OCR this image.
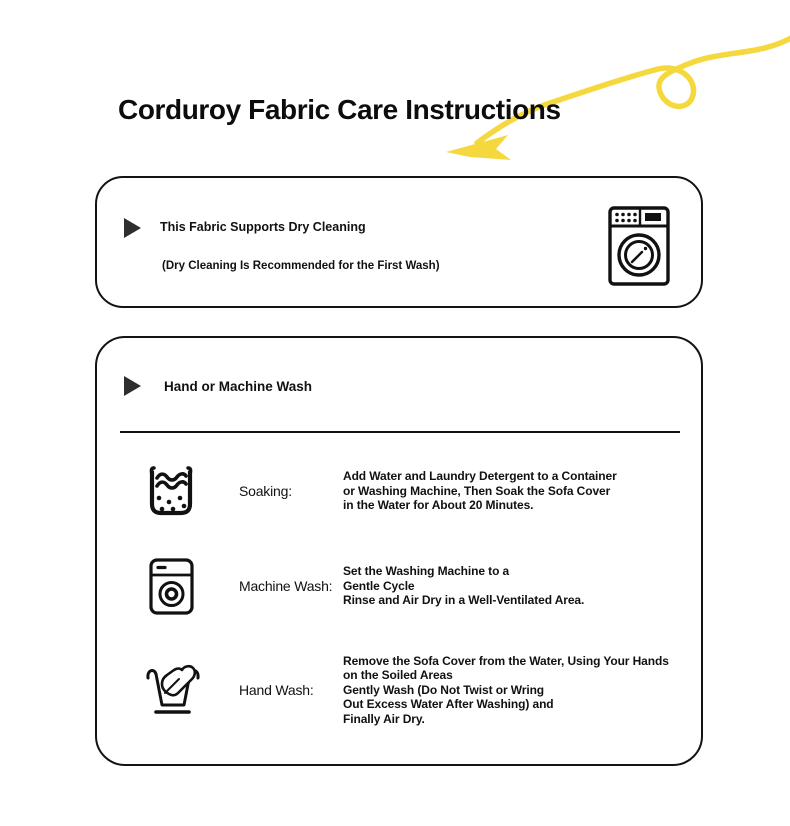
Corduroy Fabric Care Instructions
This Fabric Supports Dry Cleaning
(Dry Cleaning Is Recommended for the First Wash)
Hand or Machine Wash
Soaking:
Add Water and Laundry Detergent to a Container
or Washing Machine, Then Soak the Sofa Cover
in the Water for About 20 Minutes.
Machine Wash:
Set the Washing Machine to a
Gentle Cycle
Rinse and Air Dry in a Well-Ventilated Area.
Hand Wash:
Remove the Sofa Cover from the Water, Using Your Hands
on the Soiled Areas
Gently Wash (Do Not Twist or Wring
Out Excess Water After Washing) and
Finally Air Dry.
